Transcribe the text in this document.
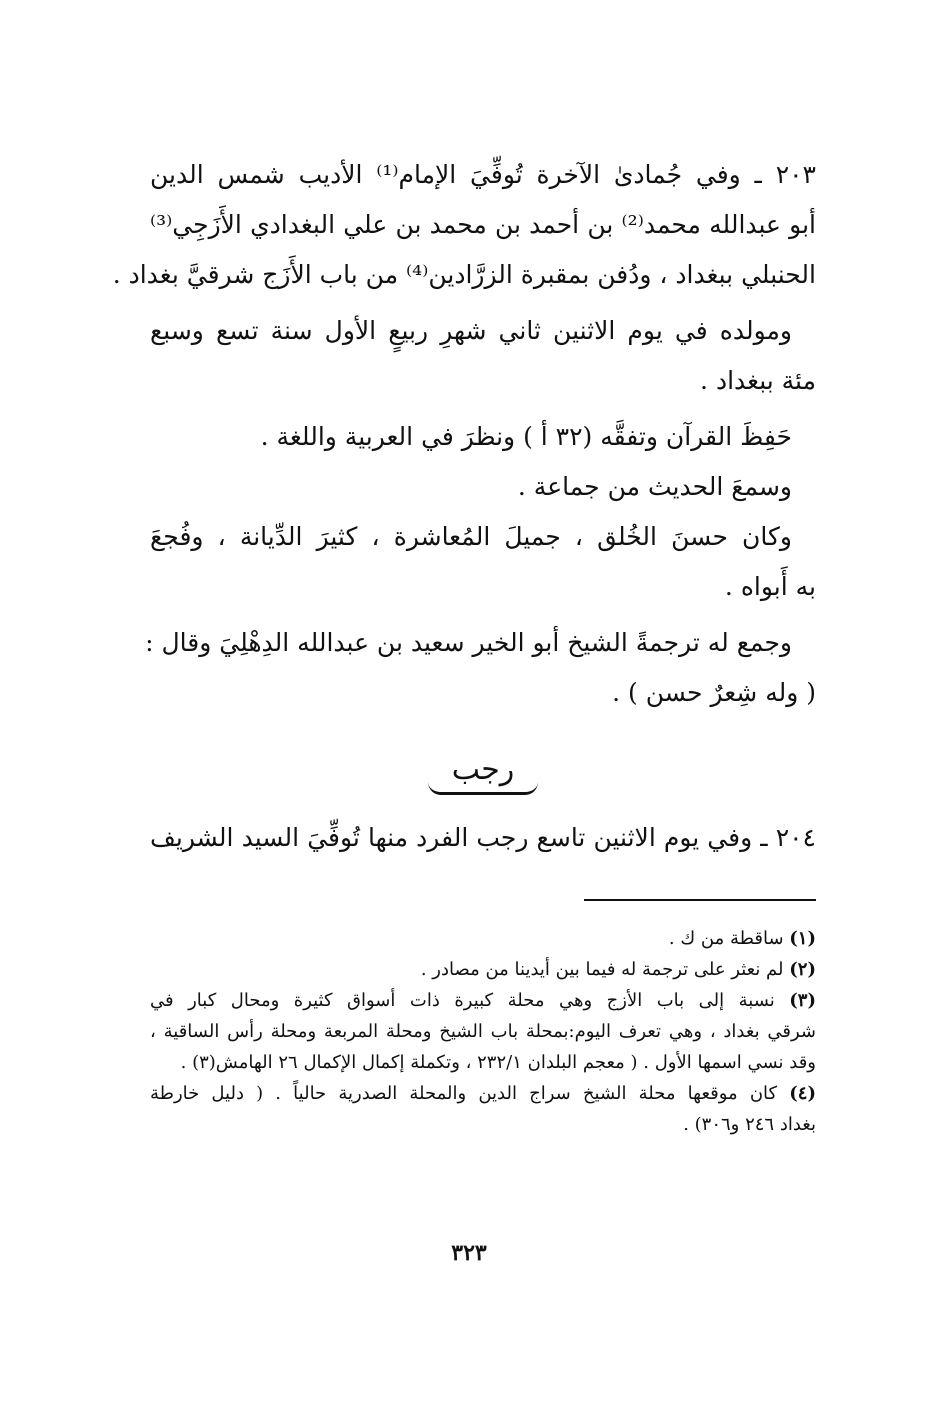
٢٠٣ ـ وفي جُمادىٰ الآخرة تُوفِّيَ الإمام⁽¹⁾ الأديب شمس الدين

أبو عبدالله محمد⁽²⁾ بن أحمد بن محمد بن علي البغدادي الأَزَجِي⁽³⁾

الحنبلي ببغداد ، ودُفن بمقبرة الزرَّادين⁽⁴⁾ من باب الأَزَج شرقيَّ بغداد .

ومولده في يوم الاثنين ثاني شهرِ ربيعٍ الأول سنة تسع وسبع

مئة ببغداد .

حَفِظَ القرآن وتفقَّه (٣٢ أ ) ونظرَ في العربية واللغة .

وسمعَ الحديث من جماعة .

وكان حسنَ الخُلق ، جميلَ المُعاشرة ، كثيرَ الدِّيانة ، وفُجعَ

به أَبواه .

وجمع له ترجمةً الشيخ أبو الخير سعيد بن عبدالله الدِهْلِيَ وقال :

( وله شِعرٌ حسن ) .

رجب

٢٠٤ ـ وفي يوم الاثنين تاسع رجب الفرد منها تُوفِّيَ السيد الشريف

(١) ساقطة من ك .

(٢) لم نعثر على ترجمة له فيما بين أيدينا من مصادر .

(٣) نسبة إلى باب الأزج وهي محلة كبيرة ذات أسواق كثيرة ومحال كبار في

شرقي بغداد ، وهي تعرف اليوم:بمحلة باب الشيخ ومحلة المربعة ومحلة رأس الساقية ،

وقد نسي اسمها الأول . ( معجم البلدان ٢٣٢/١ ، وتكملة إكمال الإكمال ٢٦ الهامش(٣) .

(٤) كان موقعها محلة الشيخ سراج الدين والمحلة الصدرية حالياً . ( دليل خارطة

بغداد ٢٤٦ و٣٠٦) .

٣٢٣
